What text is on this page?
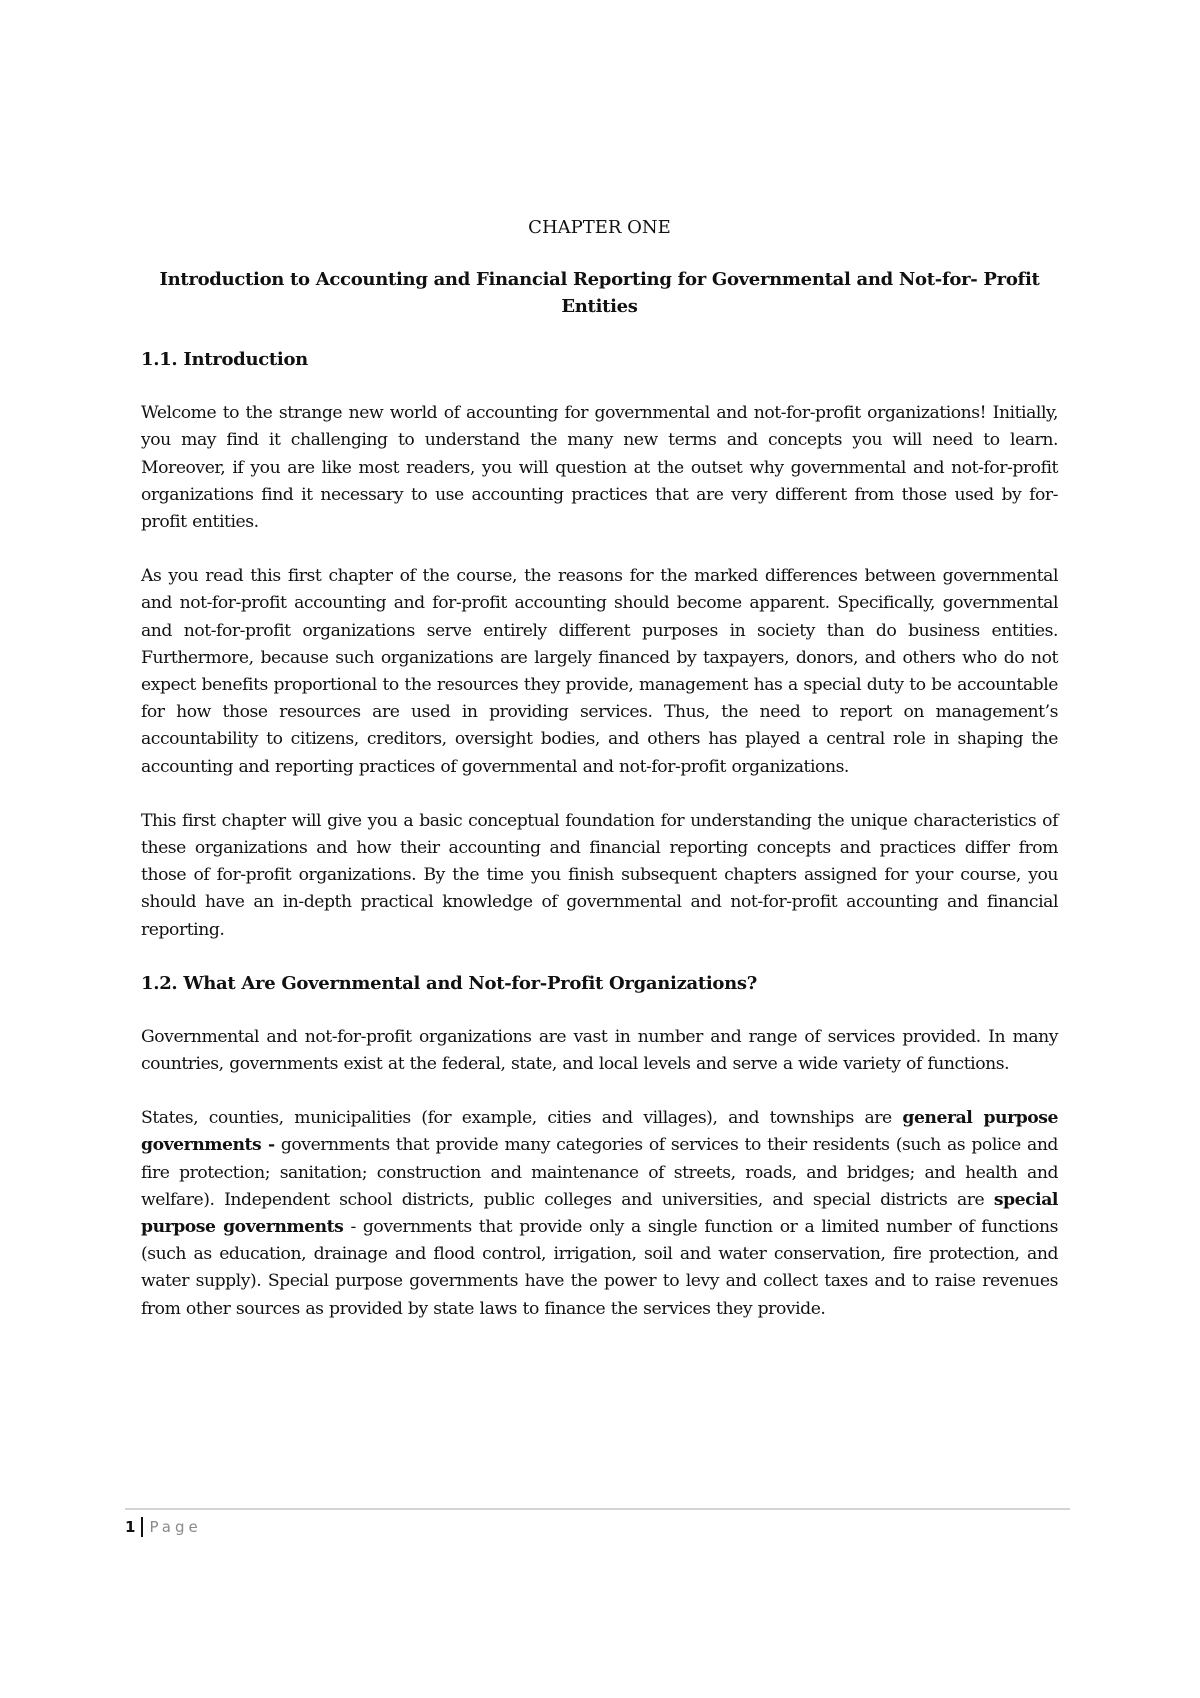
CHAPTER ONE

Introduction to Accounting and Financial Reporting for Governmental and Not-for- Profit
Entities

1.1. Introduction

Welcome to the strange new world of accounting for governmental and not-for-profit organizations! Initially, you may find it challenging to understand the many new terms and concepts you will need to learn. Moreover, if you are like most readers, you will question at the outset why governmental and not-for-profit organizations find it necessary to use accounting practices that are very different from those used by for-profit entities.

As you read this first chapter of the course, the reasons for the marked differences between governmental and not-for-profit accounting and for-profit accounting should become apparent. Specifically, governmental and not-for-profit organizations serve entirely different purposes in society than do business entities. Furthermore, because such organizations are largely financed by taxpayers, donors, and others who do not expect benefits proportional to the resources they provide, management has a special duty to be accountable for how those resources are used in providing services. Thus, the need to report on management’s accountability to citizens, creditors, oversight bodies, and others has played a central role in shaping the accounting and reporting practices of governmental and not-for-profit organizations.

This first chapter will give you a basic conceptual foundation for understanding the unique characteristics of these organizations and how their accounting and financial reporting concepts and practices differ from those of for-profit organizations. By the time you finish subsequent chapters assigned for your course, you should have an in-depth practical knowledge of governmental and not-for-profit accounting and financial reporting.

1.2. What Are Governmental and Not-for-Profit Organizations?

Governmental and not-for-profit organizations are vast in number and range of services provided. In many countries, governments exist at the federal, state, and local levels and serve a wide variety of functions.

States, counties, municipalities (for example, cities and villages), and townships are general purpose governments - governments that provide many categories of services to their residents (such as police and fire protection; sanitation; construction and maintenance of streets, roads, and bridges; and health and welfare). Independent school districts, public colleges and universities, and special districts are special purpose governments - governments that provide only a single function or a limited number of functions (such as education, drainage and flood control, irrigation, soil and water conservation, fire protection, and water supply). Special purpose governments have the power to levy and collect taxes and to raise revenues from other sources as provided by state laws to finance the services they provide.

1 Page
